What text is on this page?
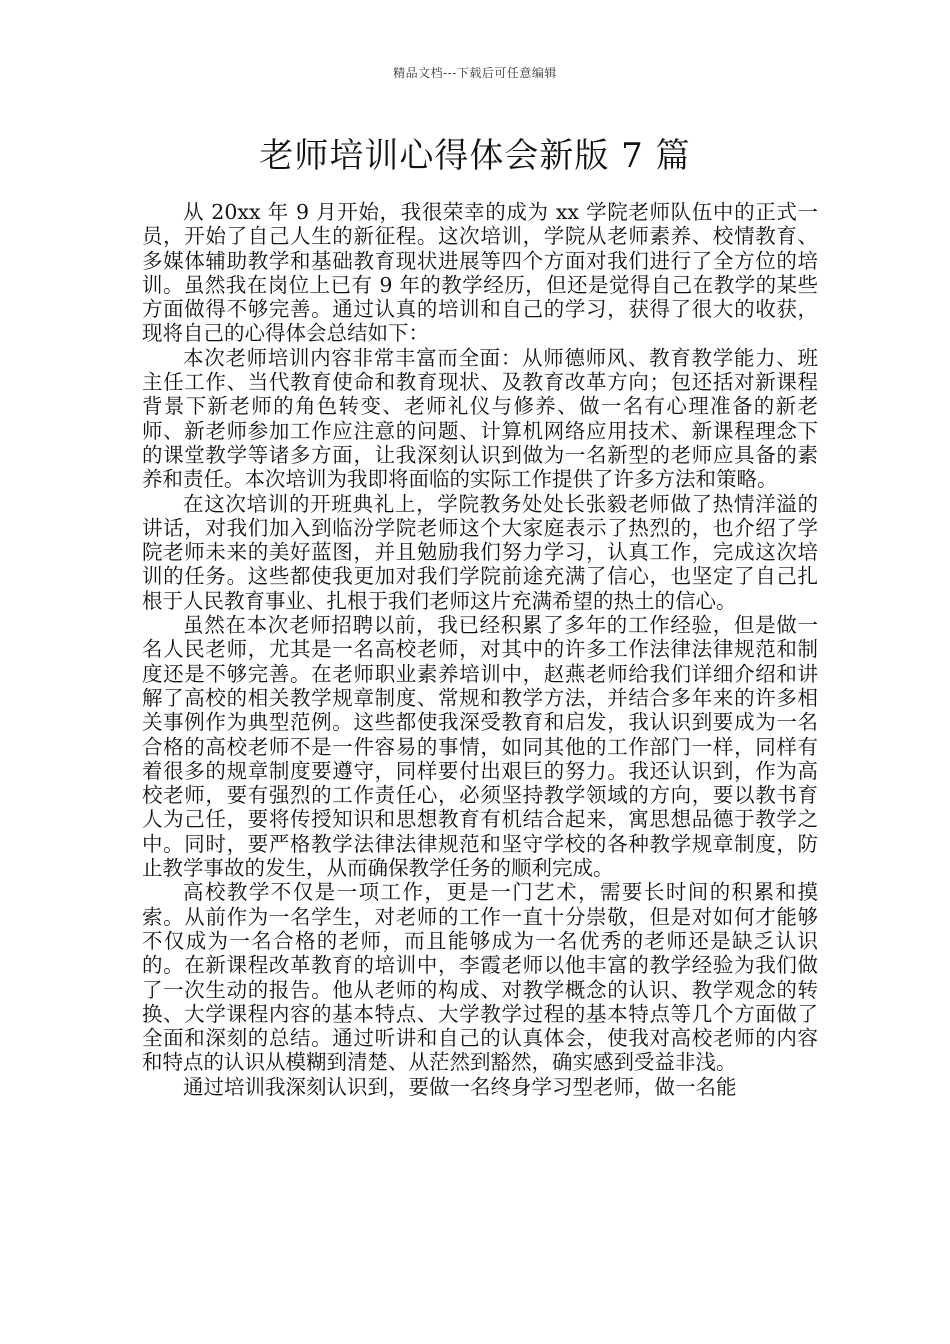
精品文档---下载后可任意编辑
老师培训心得体会新版 7 篇

从 20xx 年 9 月开始，我很荣幸的成为 xx 学院老师队伍中的正式一员，开始了自己人生的新征程。这次培训，学院从老师素养、校情教育、多媒体辅助教学和基础教育现状进展等四个方面对我们进行了全方位的培训。虽然我在岗位上已有 9 年的教学经历，但还是觉得自己在教学的某些方面做得不够完善。通过认真的培训和自己的学习，获得了很大的收获，现将自己的心得体会总结如下：

本次老师培训内容非常丰富而全面：从师德师风、教育教学能力、班主任工作、当代教育使命和教育现状、及教育改革方向；包还括对新课程背景下新老师的角色转变、老师礼仪与修养、做一名有心理准备的新老师、新老师参加工作应注意的问题、计算机网络应用技术、新课程理念下的课堂教学等诸多方面，让我深刻认识到做为一名新型的老师应具备的素养和责任。本次培训为我即将面临的实际工作提供了许多方法和策略。

在这次培训的开班典礼上，学院教务处处长张毅老师做了热情洋溢的讲话，对我们加入到临汾学院老师这个大家庭表示了热烈的，也介绍了学院老师未来的美好蓝图，并且勉励我们努力学习，认真工作，完成这次培训的任务。这些都使我更加对我们学院前途充满了信心，也坚定了自己扎根于人民教育事业、扎根于我们老师这片充满希望的热土的信心。

虽然在本次老师招聘以前，我已经积累了多年的工作经验，但是做一名人民老师，尤其是一名高校老师，对其中的许多工作法律法律规范和制度还是不够完善。在老师职业素养培训中，赵燕老师给我们详细介绍和讲解了高校的相关教学规章制度、常规和教学方法，并结合多年来的许多相关事例作为典型范例。这些都使我深受教育和启发，我认识到要成为一名合格的高校老师不是一件容易的事情，如同其他的工作部门一样，同样有着很多的规章制度要遵守，同样要付出艰巨的努力。我还认识到，作为高校老师，要有强烈的工作责任心，必须坚持教学领域的方向，要以教书育人为己任，要将传授知识和思想教育有机结合起来，寓思想品德于教学之中。同时，要严格教学法律法律规范和坚守学校的各种教学规章制度，防止教学事故的发生，从而确保教学任务的顺利完成。

高校教学不仅是一项工作，更是一门艺术，需要长时间的积累和摸索。从前作为一名学生，对老师的工作一直十分崇敬，但是对如何才能够不仅成为一名合格的老师，而且能够成为一名优秀的老师还是缺乏认识的。在新课程改革教育的培训中，李霞老师以他丰富的教学经验为我们做了一次生动的报告。他从老师的构成、对教学概念的认识、教学观念的转换、大学课程内容的基本特点、大学教学过程的基本特点等几个方面做了全面和深刻的总结。通过听讲和自己的认真体会，使我对高校老师的内容和特点的认识从模糊到清楚、从茫然到豁然，确实感到受益非浅。

通过培训我深刻认识到，要做一名终身学习型老师，做一名能
